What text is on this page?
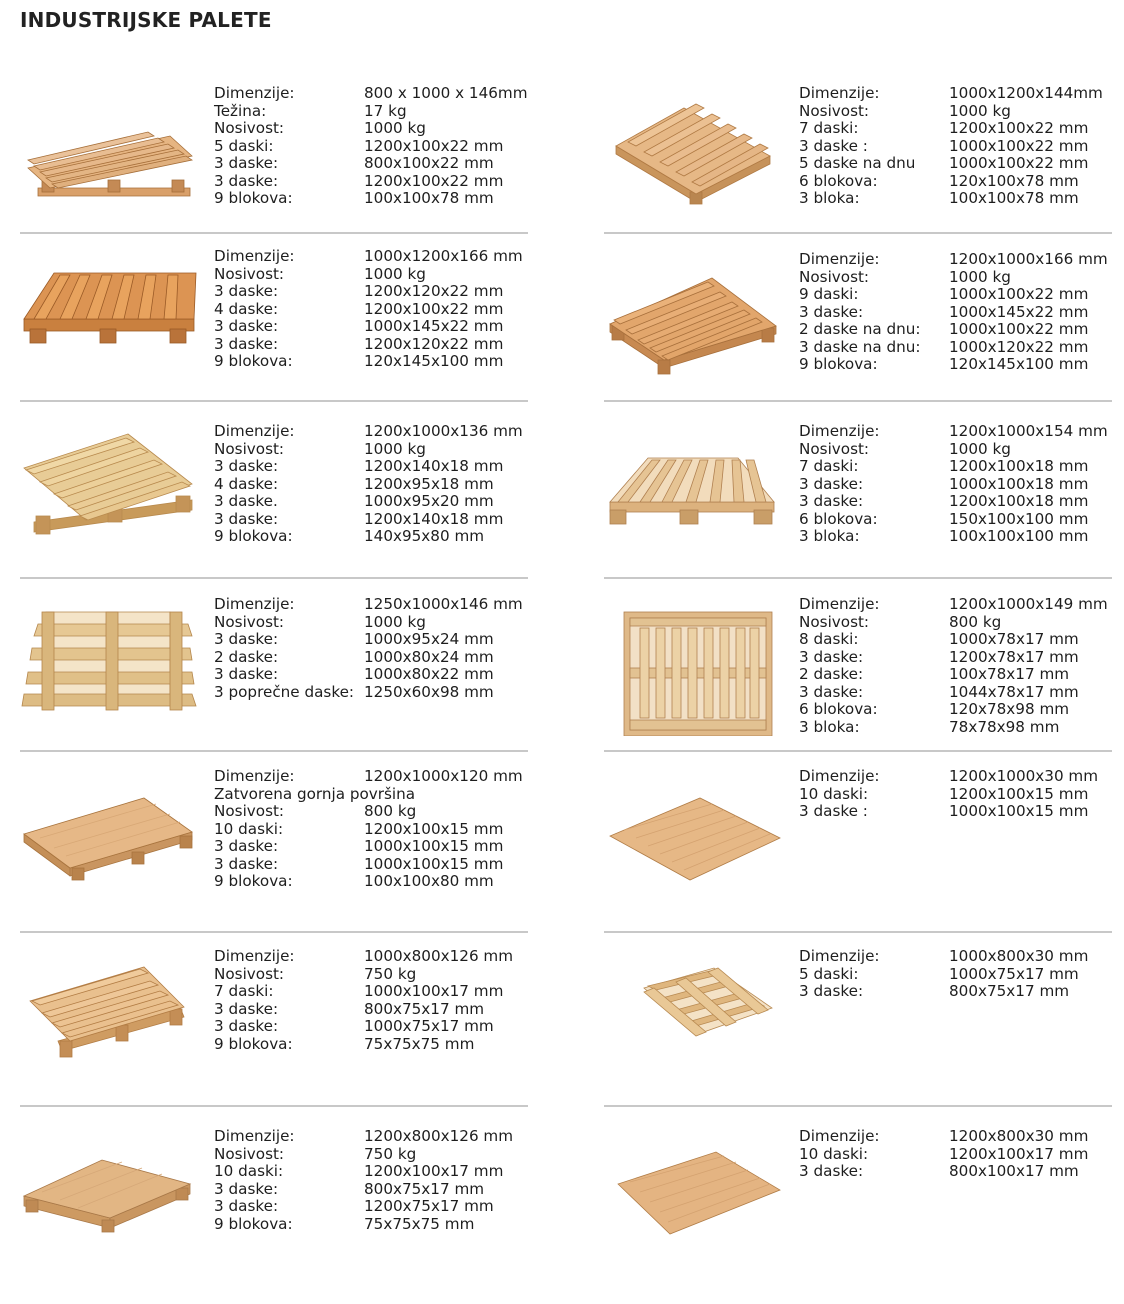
INDUSTRIJSKE PALETE
Dimenzije:	800 x 1000 x 146mm
Težina:	17 kg
Nosivost:	1000 kg
5 daski:	1200x100x22 mm
3 daske:	800x100x22 mm
3 daske:	1200x100x22 mm
9 blokova:	100x100x78 mm
Dimenzije:	1000x1200x166 mm
Nosivost:	1000 kg
3 daske:	1200x120x22 mm
4 daske:	1200x100x22 mm
3 daske:	1000x145x22 mm
3 daske:	1200x120x22 mm
9 blokova:	120x145x100 mm
Dimenzije:	1200x1000x136 mm
Nosivost:	1000 kg
3 daske:	1200x140x18 mm
4 daske:	1200x95x18 mm
3 daske.	1000x95x20 mm
3 daske:	1200x140x18 mm
9 blokova:	140x95x80 mm
Dimenzije:	1250x1000x146 mm
Nosivost:	1000 kg
3 daske:	1000x95x24 mm
2 daske:	1000x80x24 mm
3 daske:	1000x80x22 mm
3 poprečne daske: 1250x60x98 mm
Dimenzije:	1200x1000x120 mm
Zatvorena gornja površina
Nosivost:	800 kg
10 daski:	1200x100x15 mm
3 daske:	1000x100x15 mm
3 daske:	1000x100x15 mm
9 blokova:	100x100x80 mm
Dimenzije:	1000x800x126 mm
Nosivost:	750 kg
7 daski:	1000x100x17 mm
3 daske:	800x75x17 mm
3 daske:	1000x75x17 mm
9 blokova:	75x75x75 mm
Dimenzije:	1200x800x126 mm
Nosivost:	750 kg
10 daski:	1200x100x17 mm
3 daske:	800x75x17 mm
3 daske:	1200x75x17 mm
9 blokova:	75x75x75 mm
Dimenzije:	1000x1200x144mm
Nosivost:	1000 kg
7 daski:	1200x100x22 mm
3 daske :	1000x100x22 mm
5 daske na dnu	1000x100x22 mm
6 blokova:	120x100x78 mm
3 bloka:	100x100x78 mm
Dimenzije:	1200x1000x166 mm
Nosivost:	1000 kg
9 daski:	1000x100x22 mm
3 daske:	1000x145x22 mm
2 daske na dnu:	1000x100x22 mm
3 daske na dnu:	1000x120x22 mm
9 blokova:	120x145x100 mm
Dimenzije:	1200x1000x154 mm
Nosivost:	1000 kg
7 daski:	1200x100x18 mm
3 daske:	1000x100x18 mm
3 daske:	1200x100x18 mm
6 blokova:	150x100x100 mm
3 bloka:	100x100x100 mm
Dimenzije:	1200x1000x149 mm
Nosivost:	800 kg
8 daski:	1000x78x17 mm
3 daske:	1200x78x17 mm
2 daske:	100x78x17 mm
3 daske:	1044x78x17 mm
6 blokova:	120x78x98 mm
3 bloka:	78x78x98 mm
Dimenzije:	1200x1000x30 mm
10 daski:	1200x100x15 mm
3 daske :	1000x100x15 mm
Dimenzije:	1000x800x30 mm
5 daski:	1000x75x17 mm
3 daske:	800x75x17 mm
Dimenzije:	1200x800x30 mm
10 daski:	1200x100x17 mm
3 daske:	800x100x17 mm
